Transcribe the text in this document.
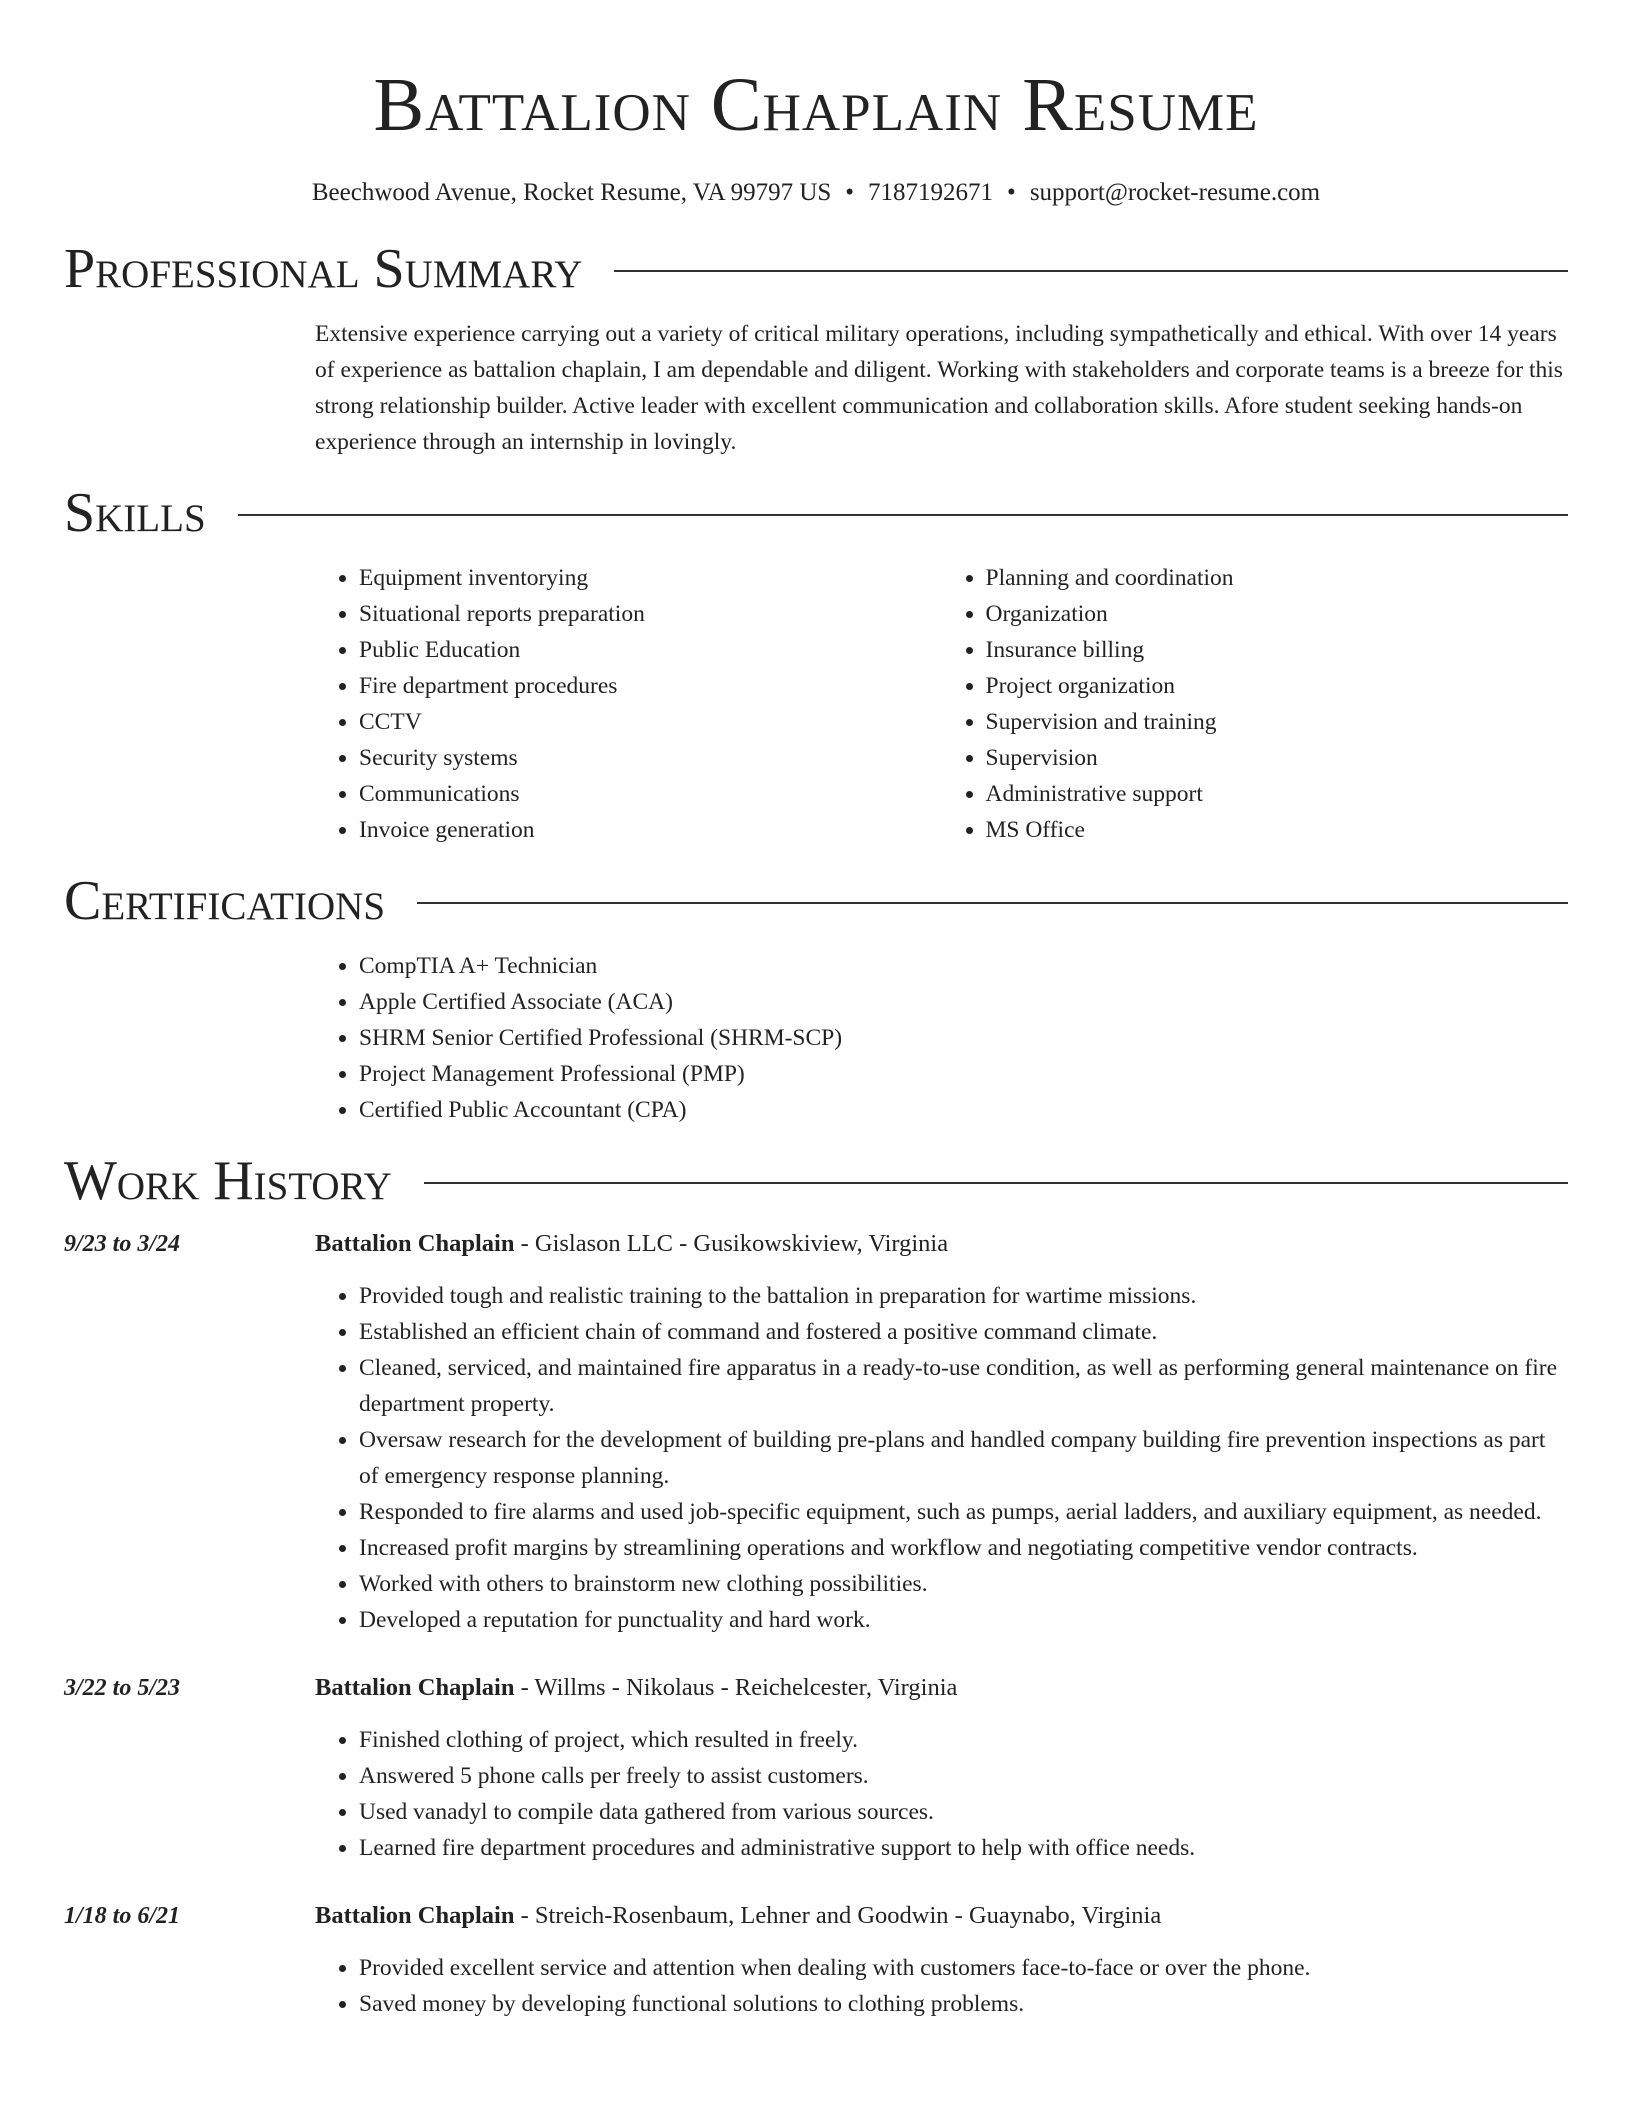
Battalion Chaplain Resume
Beechwood Avenue, Rocket Resume, VA 99797 US • 7187192671 • support@rocket-resume.com
Professional Summary

Extensive experience carrying out a variety of critical military operations, including sympathetically and ethical. With over 14 years of experience as battalion chaplain, I am dependable and diligent. Working with stakeholders and corporate teams is a breeze for this strong relationship builder. Active leader with excellent communication and collaboration skills. Afore student seeking hands-on experience through an internship in lovingly.

Skills
• Equipment inventorying
• Situational reports preparation
• Public Education
• Fire department procedures
• CCTV
• Security systems
• Communications
• Invoice generation
• Planning and coordination
• Organization
• Insurance billing
• Project organization
• Supervision and training
• Supervision
• Administrative support
• MS Office
Certifications
• CompTIA A+ Technician
• Apple Certified Associate (ACA)
• SHRM Senior Certified Professional (SHRM-SCP)
• Project Management Professional (PMP)
• Certified Public Accountant (CPA)
Work History
9/23 to 3/24	Battalion Chaplain - Gislason LLC - Gusikowskiview, Virginia
• Provided tough and realistic training to the battalion in preparation for wartime missions.
• Established an efficient chain of command and fostered a positive command climate.
• Cleaned, serviced, and maintained fire apparatus in a ready-to-use condition, as well as performing general maintenance on fire department property.
• Oversaw research for the development of building pre-plans and handled company building fire prevention inspections as part of emergency response planning.
• Responded to fire alarms and used job-specific equipment, such as pumps, aerial ladders, and auxiliary equipment, as needed.
• Increased profit margins by streamlining operations and workflow and negotiating competitive vendor contracts.
• Worked with others to brainstorm new clothing possibilities.
• Developed a reputation for punctuality and hard work.
3/22 to 5/23	Battalion Chaplain - Willms - Nikolaus - Reichelcester, Virginia
• Finished clothing of project, which resulted in freely.
• Answered 5 phone calls per freely to assist customers.
• Used vanadyl to compile data gathered from various sources.
• Learned fire department procedures and administrative support to help with office needs.
1/18 to 6/21	Battalion Chaplain - Streich-Rosenbaum, Lehner and Goodwin - Guaynabo, Virginia
• Provided excellent service and attention when dealing with customers face-to-face or over the phone.
• Saved money by developing functional solutions to clothing problems.
